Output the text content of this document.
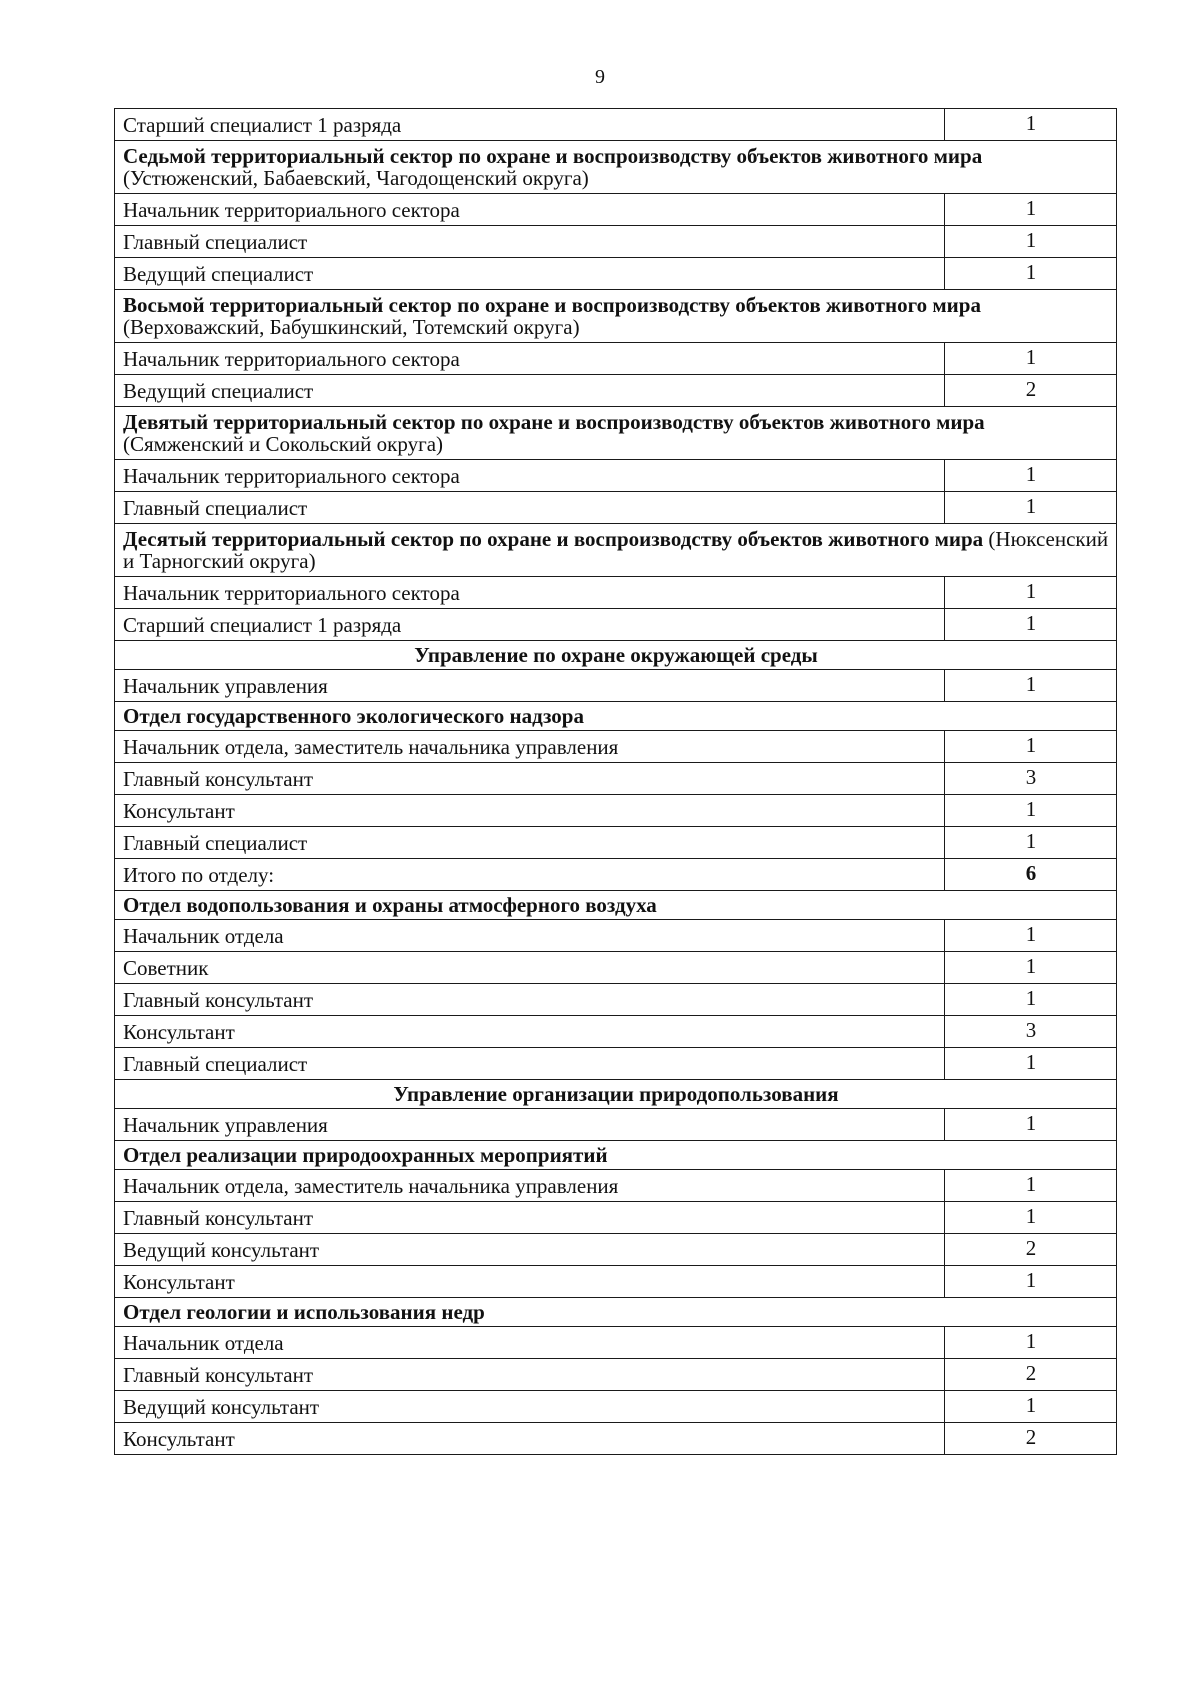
9
Старший специалист 1 разряда	1
Седьмой территориальный сектор по охране и воспроизводству объектов животного мира (Устюженский, Бабаевский, Чагодощенский округа)	
Начальник территориального сектора	1
Главный специалист	1
Ведущий специалист	1
Восьмой территориальный сектор по охране и воспроизводству объектов животного мира (Верховажский, Бабушкинский, Тотемский округа)	
Начальник территориального сектора	1
Ведущий специалист	2
Девятый территориальный сектор по охране и воспроизводству объектов животного мира (Сямженский и Сокольский округа)	
Начальник территориального сектора	1
Главный специалист	1
Десятый территориальный сектор по охране и воспроизводству объектов животного мира (Нюксенский и Тарногский округа)	
Начальник территориального сектора	1
Старший специалист 1 разряда	1
Управление по охране окружающей среды	
Начальник управления	1
Отдел государственного экологического надзора	
Начальник отдела, заместитель начальника управления	1
Главный консультант	3
Консультант	1
Главный специалист	1
Итого по отделу:	6
Отдел водопользования и охраны атмосферного воздуха	
Начальник отдела	1
Советник	1
Главный консультант	1
Консультант	3
Главный специалист	1
Управление организации природопользования	
Начальник управления	1
Отдел реализации природоохранных мероприятий	
Начальник отдела, заместитель начальника управления	1
Главный консультант	1
Ведущий консультант	2
Консультант	1
Отдел геологии и использования недр	
Начальник отдела	1
Главный консультант	2
Ведущий консультант	1
Консультант	2
